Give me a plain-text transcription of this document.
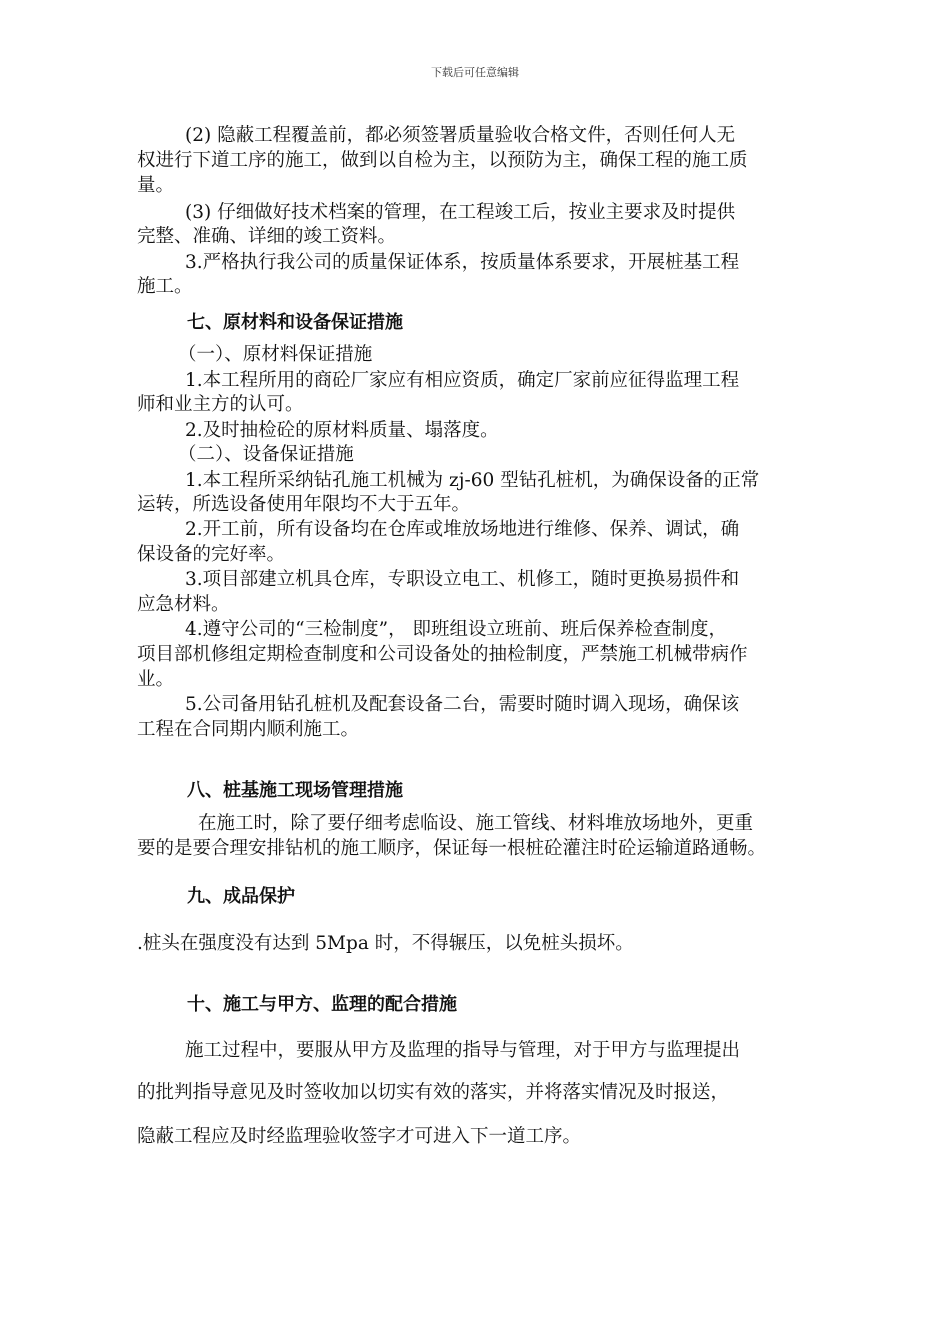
下载后可任意编辑
(2) 隐蔽工程覆盖前，都必须签署质量验收合格文件，否则任何人无
权进行下道工序的施工，做到以自检为主，以预防为主，确保工程的施工质
量。
(3) 仔细做好技术档案的管理，在工程竣工后，按业主要求及时提供
完整、准确、详细的竣工资料。
3.严格执行我公司的质量保证体系，按质量体系要求，开展桩基工程
施工。
七、原材料和设备保证措施
（一）、原材料保证措施
1.本工程所用的商砼厂家应有相应资质，确定厂家前应征得监理工程
师和业主方的认可。
2.及时抽检砼的原材料质量、塌落度。
（二）、设备保证措施
1.本工程所采纳钻孔施工机械为 zj-60 型钻孔桩机，为确保设备的正常
运转，所选设备使用年限均不大于五年。
2.开工前，所有设备均在仓库或堆放场地进行维修、保养、调试，确
保设备的完好率。
3.项目部建立机具仓库，专职设立电工、机修工，随时更换易损件和
应急材料。
4.遵守公司的“三检制度”， 即班组设立班前、班后保养检查制度，
项目部机修组定期检查制度和公司设备处的抽检制度，严禁施工机械带病作
业。
5.公司备用钻孔桩机及配套设备二台，需要时随时调入现场，确保该
工程在合同期内顺利施工。
八、桩基施工现场管理措施
在施工时，除了要仔细考虑临设、施工管线、材料堆放场地外，更重
要的是要合理安排钻机的施工顺序，保证每一根桩砼灌注时砼运输道路通畅。
九、成品保护
.桩头在强度没有达到 5Mpa 时，不得辗压，以免桩头损坏。
十、施工与甲方、监理的配合措施
施工过程中，要服从甲方及监理的指导与管理，对于甲方与监理提出
的批判指导意见及时签收加以切实有效的落实，并将落实情况及时报送，
隐蔽工程应及时经监理验收签字才可进入下一道工序。
